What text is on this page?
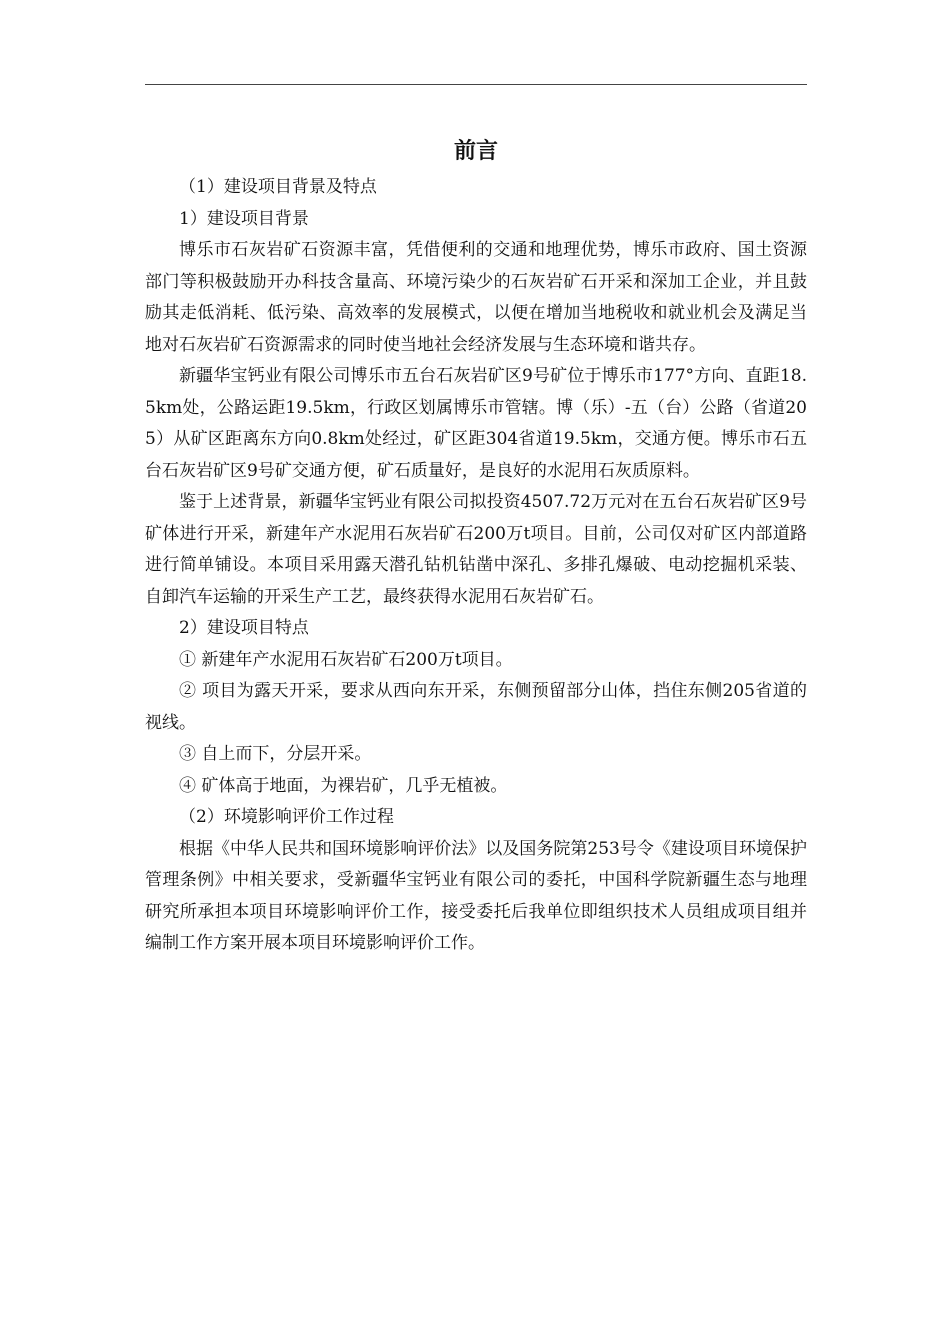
前言

（1）建设项目背景及特点

1）建设项目背景

博乐市石灰岩矿石资源丰富，凭借便利的交通和地理优势，博乐市政府、国土资源部门等积极鼓励开办科技含量高、环境污染少的石灰岩矿石开采和深加工企业，并且鼓励其走低消耗、低污染、高效率的发展模式，以便在增加当地税收和就业机会及满足当地对石灰岩矿石资源需求的同时使当地社会经济发展与生态环境和谐共存。

新疆华宝钙业有限公司博乐市五台石灰岩矿区9号矿位于博乐市177°方向、直距18.5km处，公路运距19.5km，行政区划属博乐市管辖。博（乐）-五（台）公路（省道205）从矿区距离东方向0.8km处经过，矿区距304省道19.5km，交通方便。博乐市石五台石灰岩矿区9号矿交通方便，矿石质量好，是良好的水泥用石灰质原料。

鉴于上述背景，新疆华宝钙业有限公司拟投资4507.72万元对在五台石灰岩矿区9号矿体进行开采，新建年产水泥用石灰岩矿石200万t项目。目前，公司仅对矿区内部道路进行简单铺设。本项目采用露天潜孔钻机钻凿中深孔、多排孔爆破、电动挖掘机采装、自卸汽车运输的开采生产工艺，最终获得水泥用石灰岩矿石。

2）建设项目特点

① 新建年产水泥用石灰岩矿石200万t项目。

② 项目为露天开采，要求从西向东开采，东侧预留部分山体，挡住东侧205省道的视线。

③ 自上而下，分层开采。

④ 矿体高于地面，为裸岩矿，几乎无植被。

（2）环境影响评价工作过程

根据《中华人民共和国环境影响评价法》以及国务院第253号令《建设项目环境保护管理条例》中相关要求，受新疆华宝钙业有限公司的委托，中国科学院新疆生态与地理研究所承担本项目环境影响评价工作，接受委托后我单位即组织技术人员组成项目组并编制工作方案开展本项目环境影响评价工作。
